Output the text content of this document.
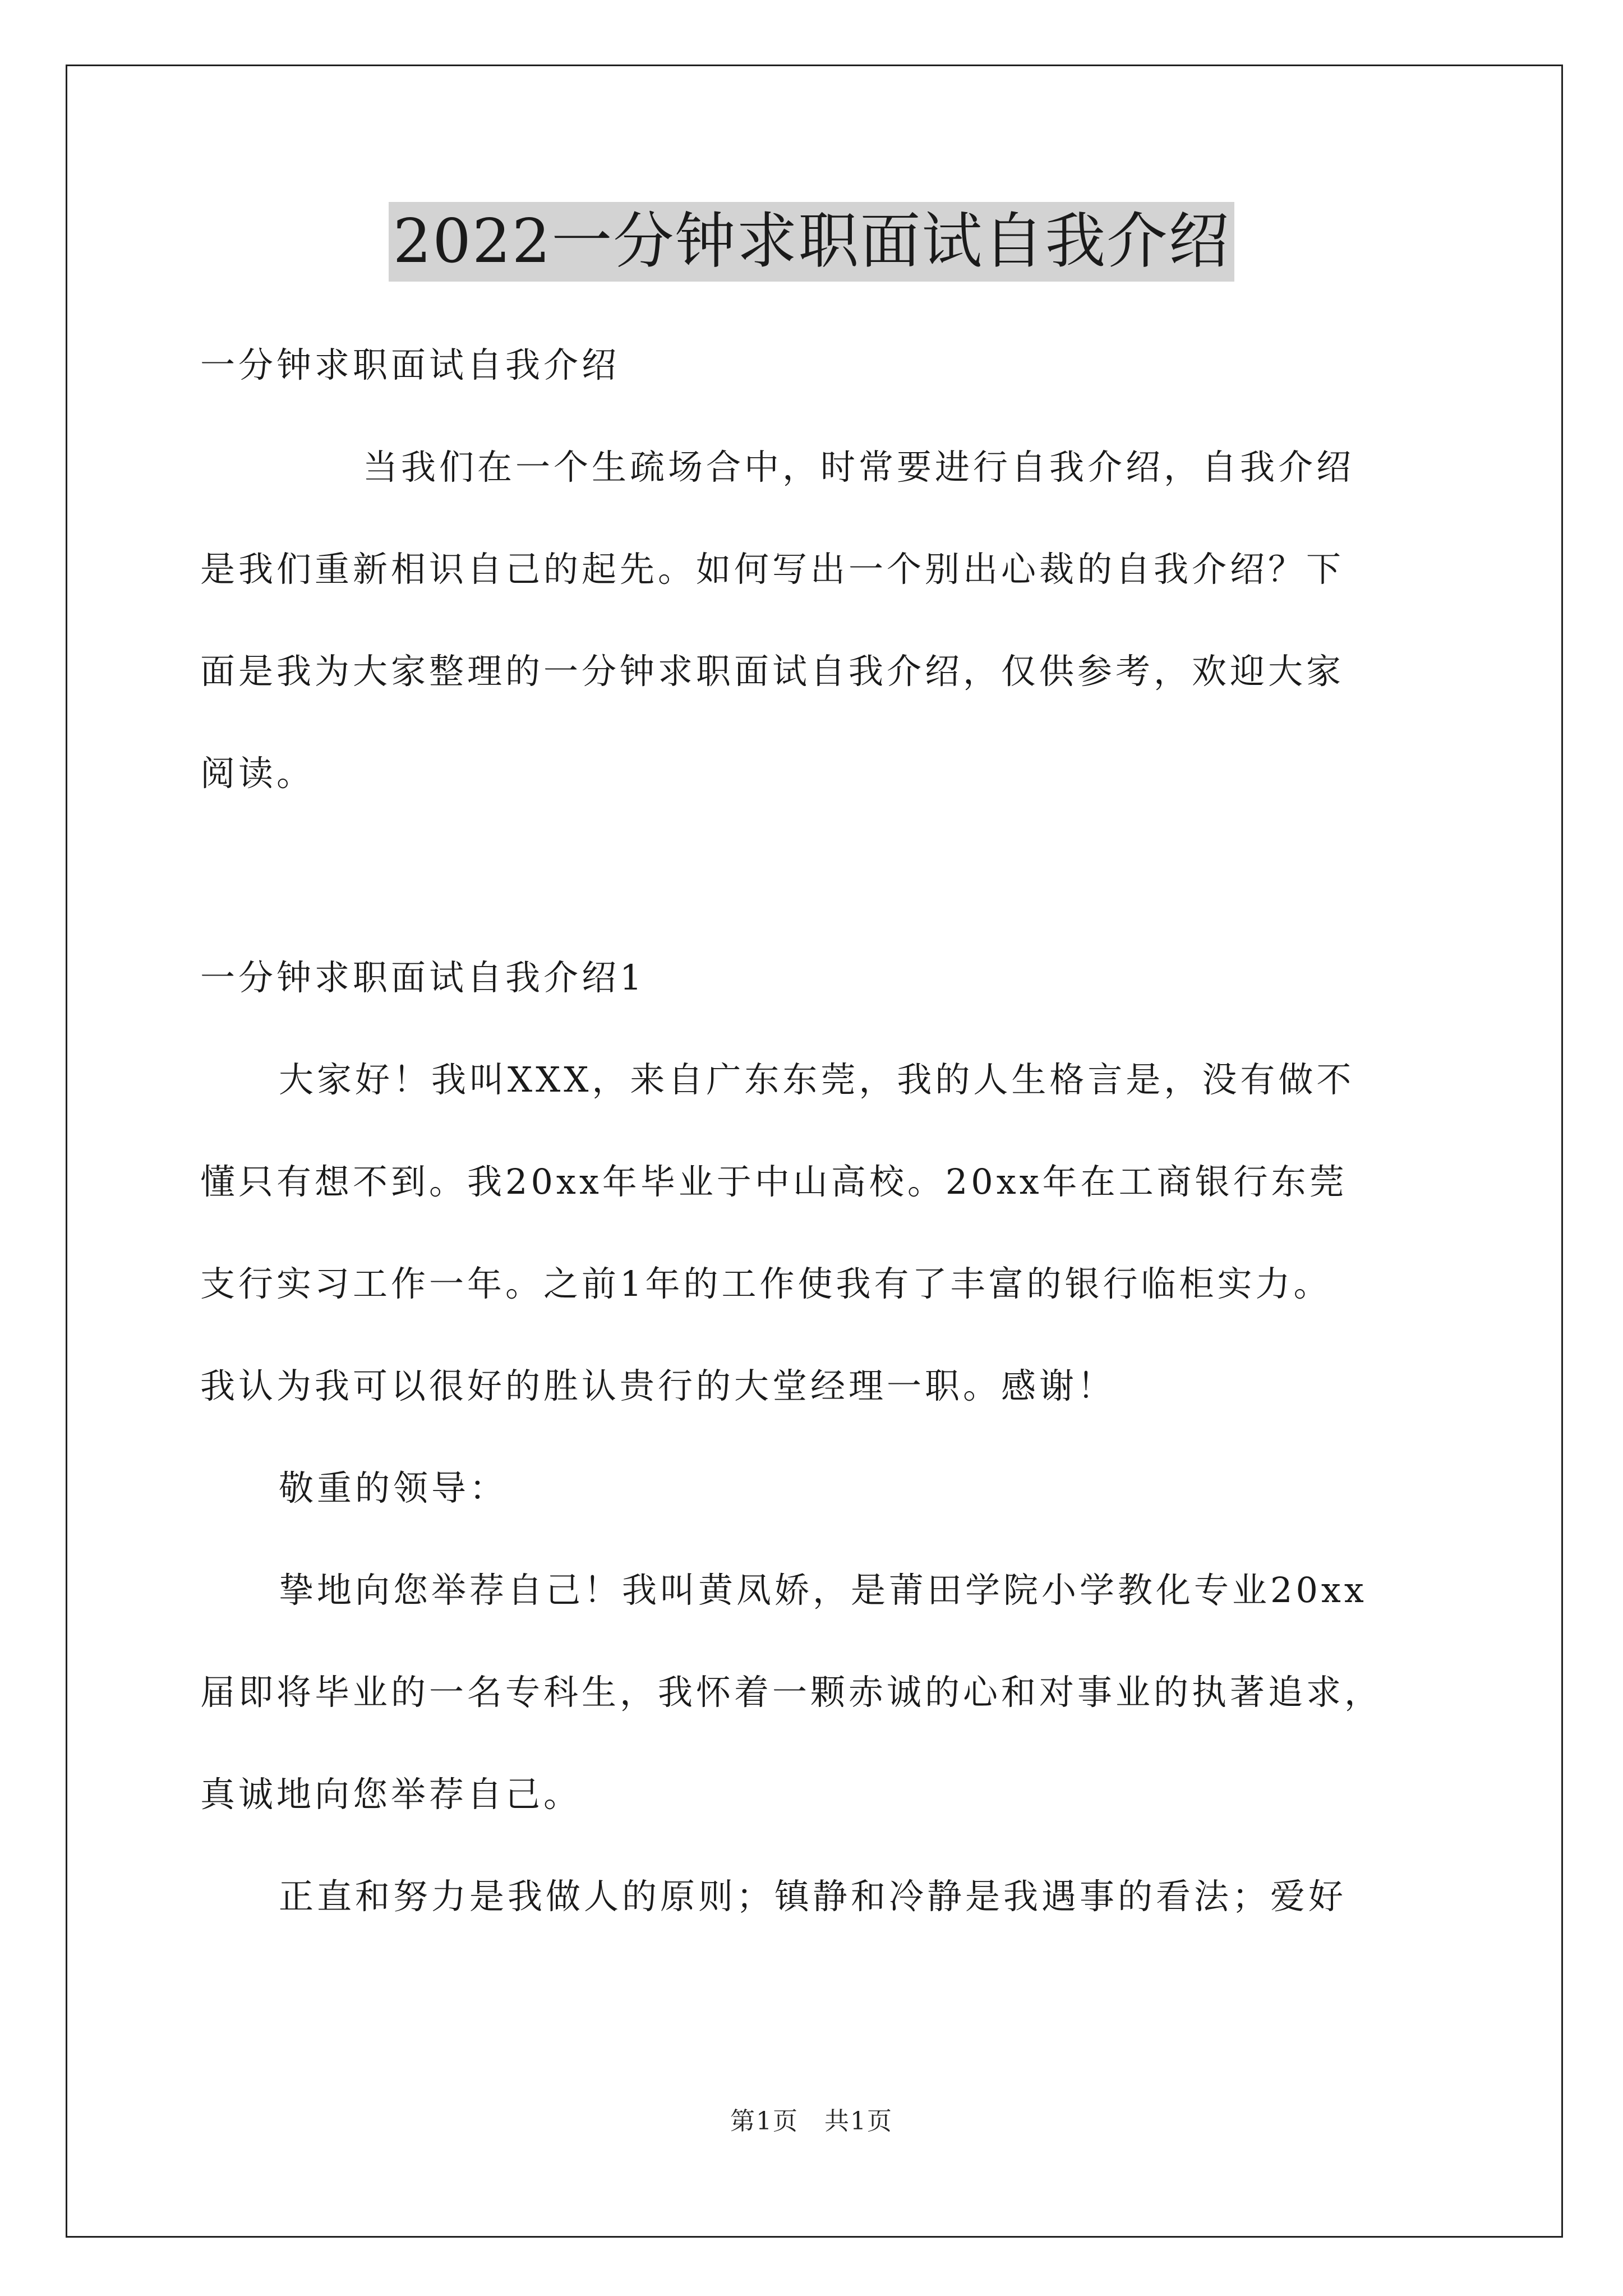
2022一分钟求职面试自我介绍
一分钟求职面试自我介绍
当我们在一个生疏场合中，时常要进行自我介绍，自我介绍
是我们重新相识自己的起先。如何写出一个别出心裁的自我介绍？下
面是我为大家整理的一分钟求职面试自我介绍，仅供参考，欢迎大家
阅读。
一分钟求职面试自我介绍1
大家好！我叫XXX，来自广东东莞，我的人生格言是，没有做不
懂只有想不到。我20xx年毕业于中山高校。20xx年在工商银行东莞
支行实习工作一年。之前1年的工作使我有了丰富的银行临柜实力。
我认为我可以很好的胜认贵行的大堂经理一职。感谢！
敬重的领导：
挚地向您举荐自己！我叫黄凤娇，是莆田学院小学教化专业20xx
届即将毕业的一名专科生，我怀着一颗赤诚的心和对事业的执著追求，
真诚地向您举荐自己。
正直和努力是我做人的原则；镇静和冷静是我遇事的看法；爱好
第1页　共1页
